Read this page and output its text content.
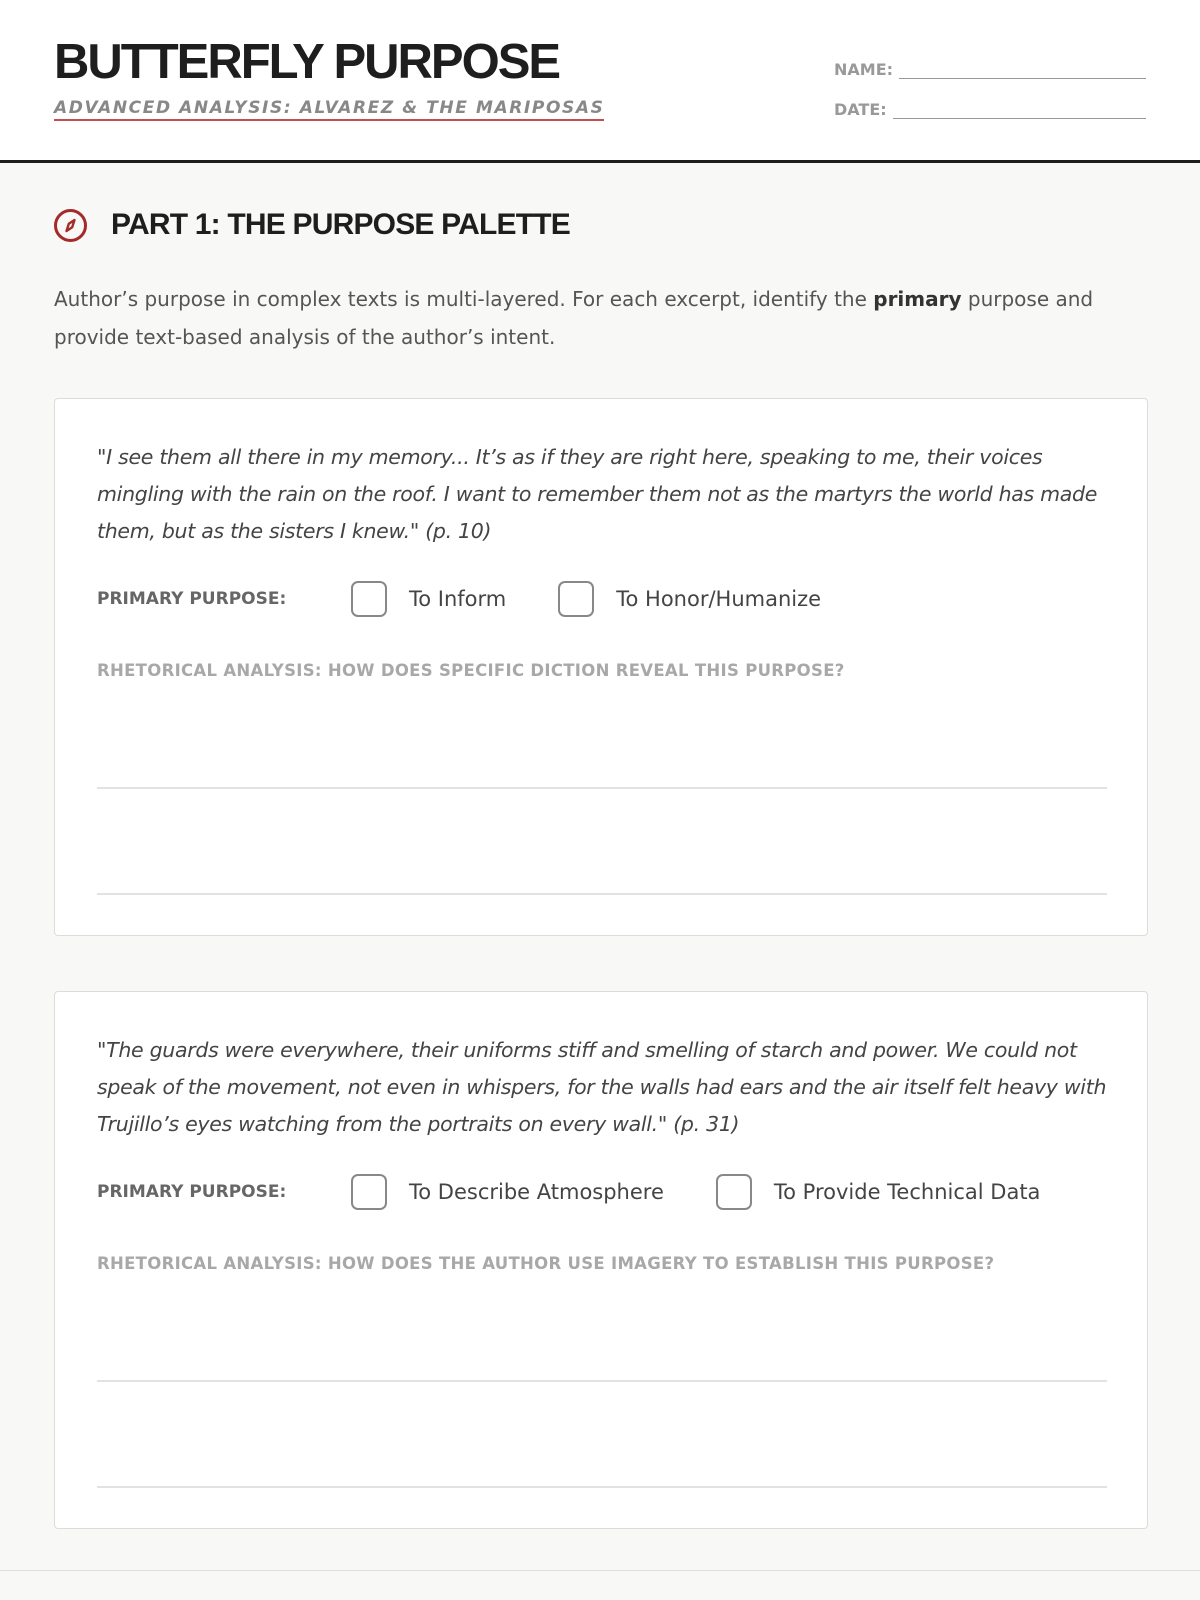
BUTTERFLY PURPOSE
ADVANCED ANALYSIS: ALVAREZ & THE MARIPOSAS
NAME:
DATE:
PART 1: THE PURPOSE PALETTE

Author’s purpose in complex texts is multi-layered. For each excerpt, identify the primary purpose and provide text-based analysis of the author’s intent.

"I see them all there in my memory... It’s as if they are right here, speaking to me, their voices mingling with the rain on the roof. I want to remember them not as the martyrs the world has made them, but as the sisters I knew." (p. 10)

PRIMARY PURPOSE:	To Inform	To Honor/Humanize
RHETORICAL ANALYSIS: HOW DOES SPECIFIC DICTION REVEAL THIS PURPOSE?

"The guards were everywhere, their uniforms stiff and smelling of starch and power. We could not speak of the movement, not even in whispers, for the walls had ears and the air itself felt heavy with Trujillo’s eyes watching from the portraits on every wall." (p. 31)

PRIMARY PURPOSE:	To Describe Atmosphere	To Provide Technical Data
RHETORICAL ANALYSIS: HOW DOES THE AUTHOR USE IMAGERY TO ESTABLISH THIS PURPOSE?
